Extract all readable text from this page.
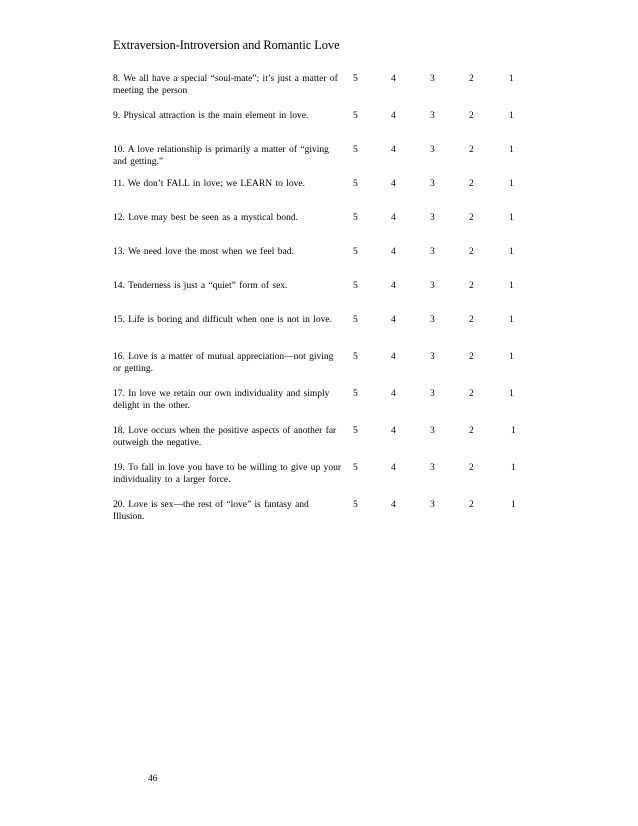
Extraversion-Introversion and Romantic Love
8. We all have a special “soul-mate”; it’s just a matter of meeting the person
5	4	3	2	1
9. Physical attraction is the main element in love.	5	4	3	2	1
10. A love relationship is primarily a matter of “giving and getting.”
5	4	3	2	1
11. We don’t FALL in love; we LEARN to love.	5	4	3	2	1
12. Love may best be seen as a mystical bond.	5	4	3	2	1
13. We need love the most when we feel bad.	5	4	3	2	1
14. Tenderness is just a “quiet” form of sex.	5	4	3	2	1
15. Life is boring and difficult when one is not in love.	5	4	3	2	1
16. Love is a matter of mutual appreciation—not giving or getting.
5	4	3	2	1
17. In love we retain our own individuality and simply delight in the other.
5	4	3	2	1
18. Love occurs when the positive aspects of another far outweigh the negative.
5	4	3	2	1
19. To fall in love you have to be willing to give up your individuality to a larger force.
5	4	3	2	1
20. Love is sex—the rest of “love” is fantasy and Illusion.
5	4	3	2	1
46
